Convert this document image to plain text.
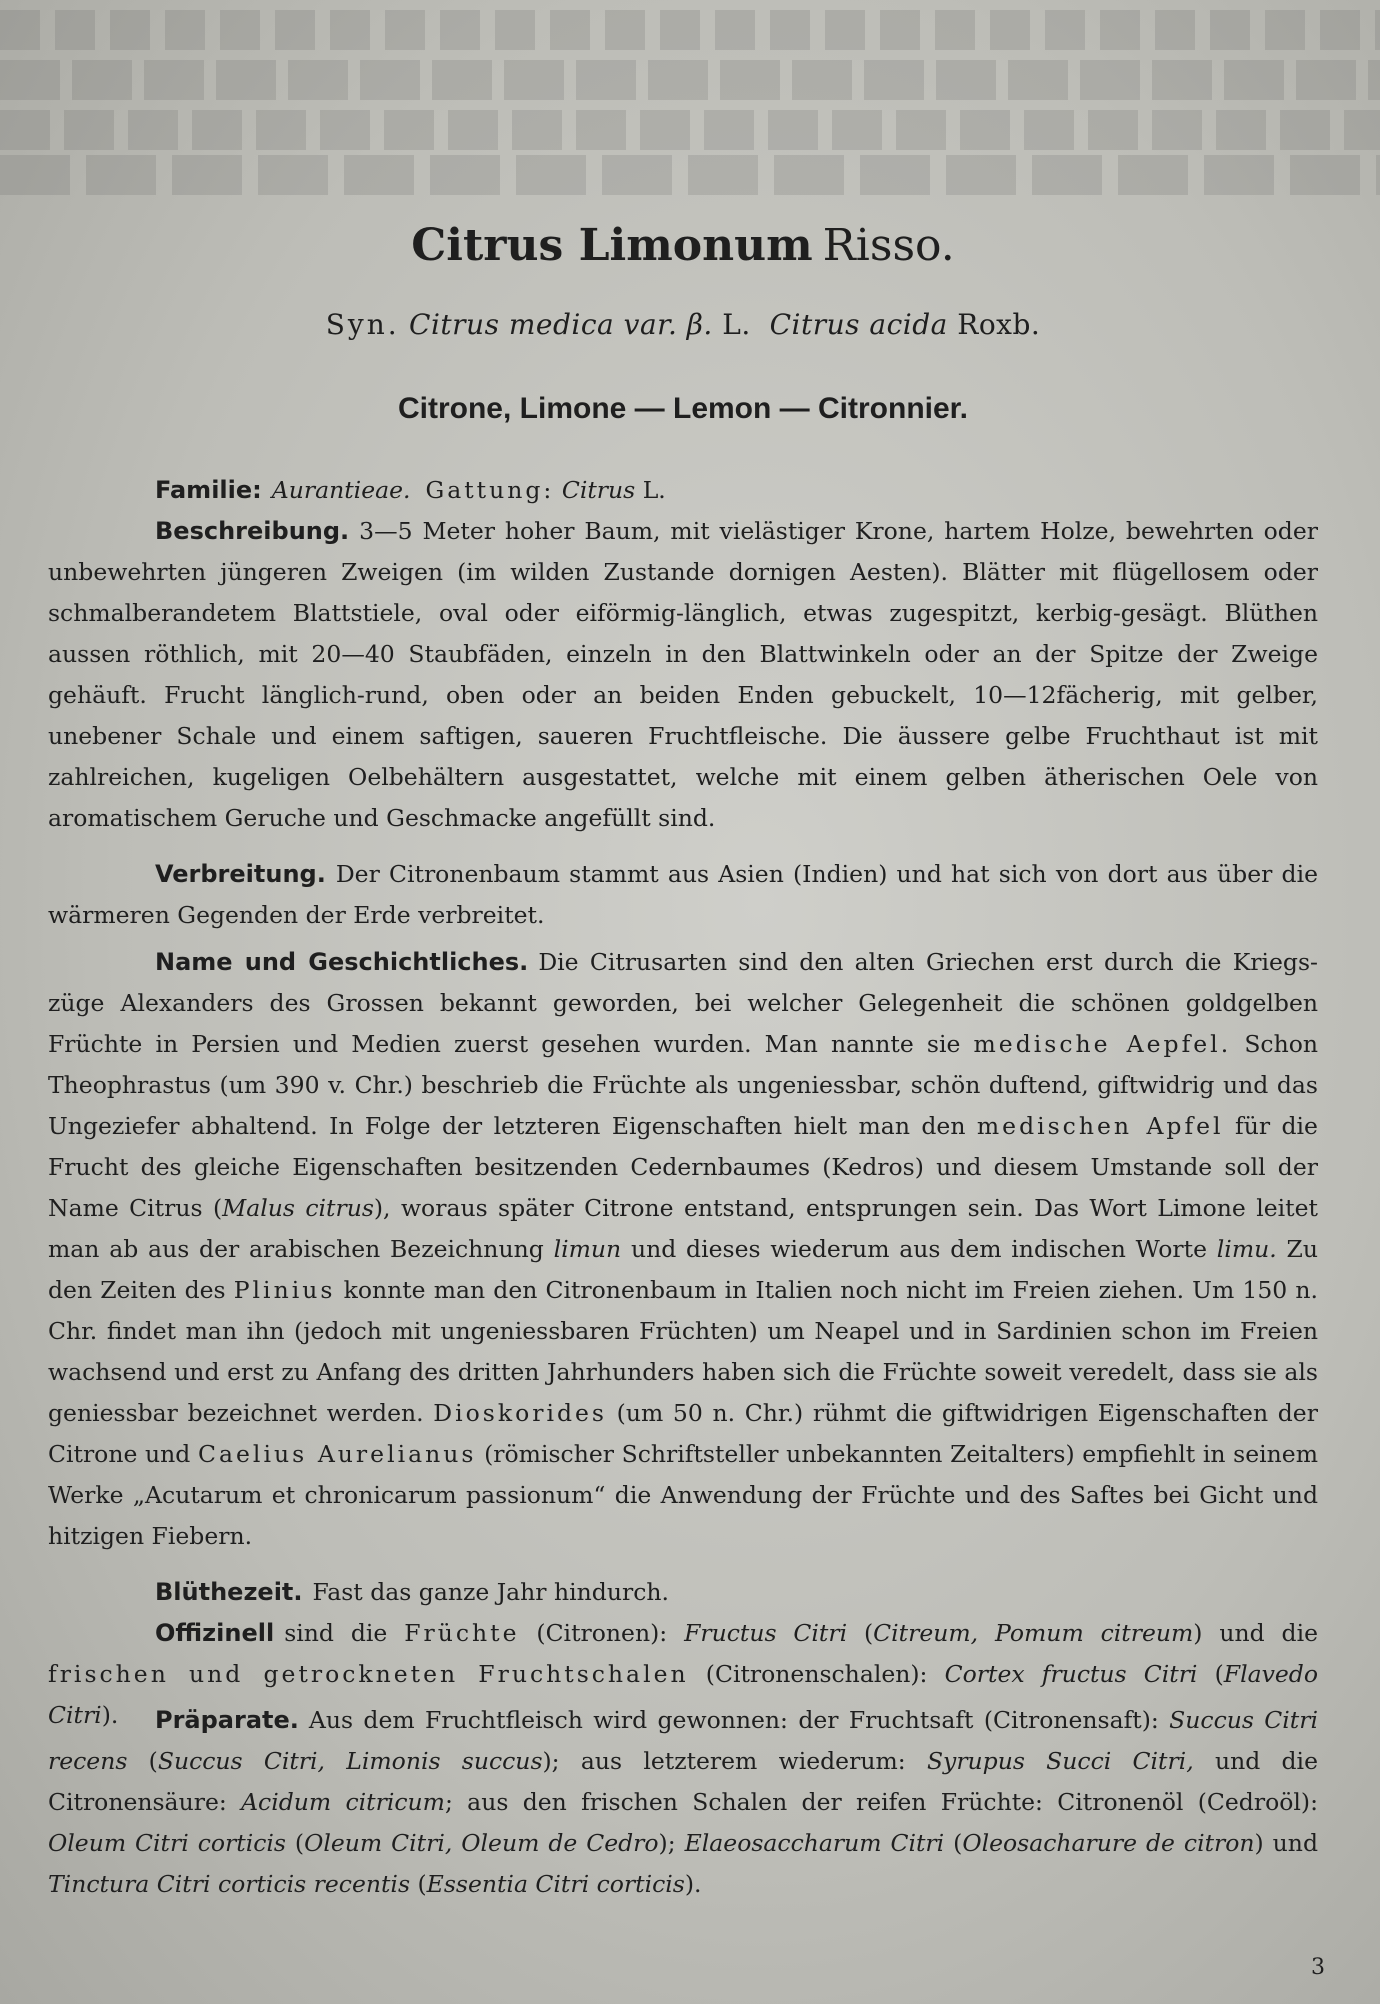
Citrus Limonum Risso.
Syn. Citrus medica var. β. L. Citrus acida Roxb.
Citrone, Limone — Lemon — Citronnier.
Familie: Aurantieae. Gattung: Citrus L.
Beschreibung. 3—5 Meter hoher Baum, mit vielästiger Krone, hartem Holze, bewehrten oder unbewehrten jüngeren Zweigen (im wilden Zustande dornigen Aesten). Blätter mit flügellosem oder schmalberandetem Blattstiele, oval oder eiförmig-länglich, etwas zugespitzt, kerbig-gesägt. Blüthen aussen röthlich, mit 20—40 Staubfäden, einzeln in den Blattwinkeln oder an der Spitze der Zweige gehäuft. Frucht länglich-rund, oben oder an beiden Enden gebuckelt, 10—12fächerig, mit gelber, unebener Schale und einem saftigen, saueren Fruchtfleische. Die äussere gelbe Fruchthaut ist mit zahlreichen, kugeligen Oelbehältern ausgestattet, welche mit einem gelben ätherischen Oele von aromatischem Geruche und Geschmacke angefüllt sind.
Verbreitung. Der Citronenbaum stammt aus Asien (Indien) und hat sich von dort aus über die wärmeren Gegenden der Erde verbreitet.
Name und Geschichtliches. Die Citrusarten sind den alten Griechen erst durch die Kriegszüge Alexanders des Grossen bekannt geworden, bei welcher Gelegenheit die schönen goldgelben Früchte in Persien und Medien zuerst gesehen wurden. Man nannte sie medische Aepfel. Schon Theophrastus (um 390 v. Chr.) beschrieb die Früchte als ungeniessbar, schön duftend, giftwidrig und das Ungeziefer abhaltend. In Folge der letzteren Eigenschaften hielt man den medischen Apfel für die Frucht des gleiche Eigenschaften besitzenden Cedernbaumes (Kedros) und diesem Umstande soll der Name Citrus (Malus citrus), woraus später Citrone entstand, entsprungen sein. Das Wort Limone leitet man ab aus der arabischen Bezeichnung limun und dieses wiederum aus dem indischen Worte limu. Zu den Zeiten des Plinius konnte man den Citronenbaum in Italien noch nicht im Freien ziehen. Um 150 n. Chr. findet man ihn (jedoch mit ungeniessbaren Früchten) um Neapel und in Sardinien schon im Freien wachsend und erst zu Anfang des dritten Jahrhunders haben sich die Früchte soweit veredelt, dass sie als geniessbar bezeichnet werden. Dioskorides (um 50 n. Chr.) rühmt die giftwidrigen Eigenschaften der Citrone und Caelius Aurelianus (römischer Schriftsteller unbekannten Zeitalters) empfiehlt in seinem Werke „Acutarum et chronicarum passionum“ die Anwendung der Früchte und des Saftes bei Gicht und hitzigen Fiebern.
Blüthezeit. Fast das ganze Jahr hindurch.
Offizinell sind die Früchte (Citronen): Fructus Citri (Citreum, Pomum citreum) und die frischen und getrockneten Fruchtschalen (Citronenschalen): Cortex fructus Citri (Flavedo Citri).	Präparate. Aus dem Fruchtfleisch wird gewonnen: der Fruchtsaft (Citronensaft): Succus Citri recens (Succus Citri, Limonis succus); aus letzterem wiederum: Syrupus Succi Citri, und die Citronensäure: Acidum citricum; aus den frischen Schalen der reifen Früchte: Citronenöl (Cedroöl): Oleum Citri corticis (Oleum Citri, Oleum de Cedro); Elaeosaccharum Citri (Oleosacharure de citron) und Tinctura Citri corticis recentis (Essentia Citri corticis).
3
